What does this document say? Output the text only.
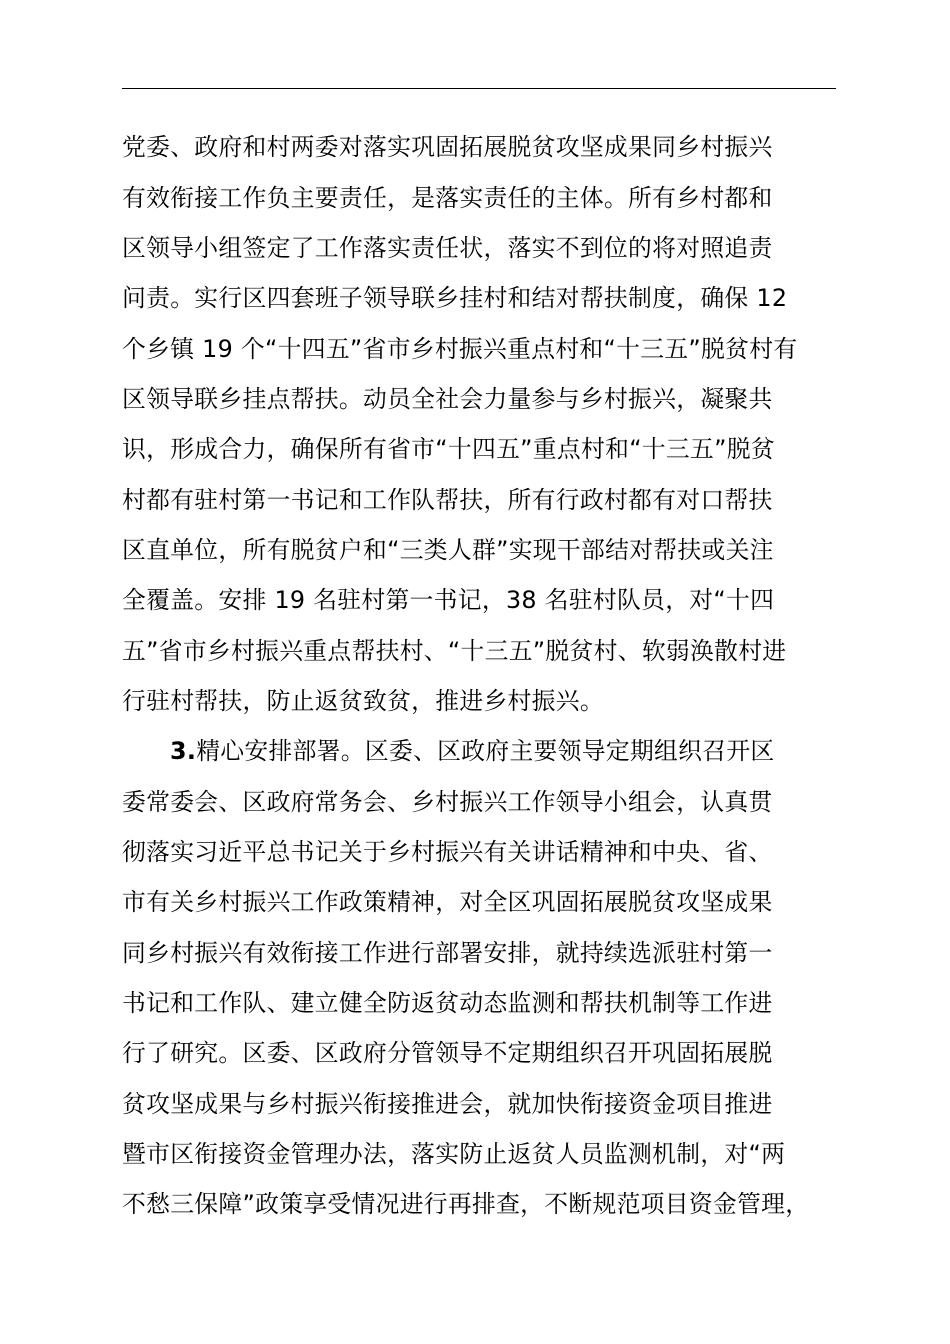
党委、政府和村两委对落实巩固拓展脱贫攻坚成果同乡村振兴
有效衔接工作负主要责任，是落实责任的主体。所有乡村都和
区领导小组签定了工作落实责任状，落实不到位的将对照追责
问责。实行区四套班子领导联乡挂村和结对帮扶制度，确保 12
个乡镇 19 个“十四五”省市乡村振兴重点村和“十三五”脱贫村有
区领导联乡挂点帮扶。动员全社会力量参与乡村振兴，凝聚共
识，形成合力，确保所有省市“十四五”重点村和“十三五”脱贫
村都有驻村第一书记和工作队帮扶，所有行政村都有对口帮扶
区直单位，所有脱贫户和“三类人群”实现干部结对帮扶或关注
全覆盖。安排 19 名驻村第一书记，38 名驻村队员，对“十四
五”省市乡村振兴重点帮扶村、“十三五”脱贫村、软弱涣散村进
行驻村帮扶，防止返贫致贫，推进乡村振兴。
3.精心安排部署。区委、区政府主要领导定期组织召开区
委常委会、区政府常务会、乡村振兴工作领导小组会，认真贯
彻落实习近平总书记关于乡村振兴有关讲话精神和中央、省、
市有关乡村振兴工作政策精神，对全区巩固拓展脱贫攻坚成果
同乡村振兴有效衔接工作进行部署安排，就持续选派驻村第一
书记和工作队、建立健全防返贫动态监测和帮扶机制等工作进
行了研究。区委、区政府分管领导不定期组织召开巩固拓展脱
贫攻坚成果与乡村振兴衔接推进会，就加快衔接资金项目推进
暨市区衔接资金管理办法，落实防止返贫人员监测机制，对“两
不愁三保障”政策享受情况进行再排查，不断规范项目资金管理，
